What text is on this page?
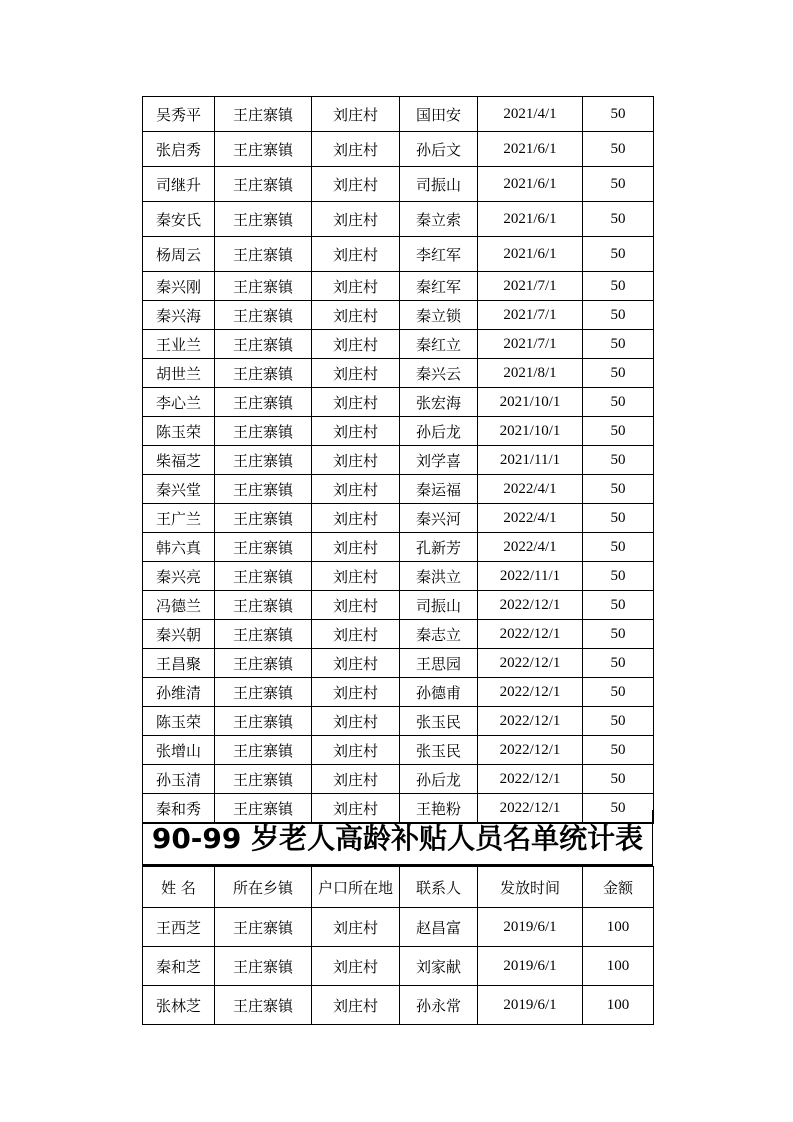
吴秀平	王庄寨镇	刘庄村	国田安	2021/4/1	50
张启秀	王庄寨镇	刘庄村	孙后文	2021/6/1	50
司继升	王庄寨镇	刘庄村	司振山	2021/6/1	50
秦安氏	王庄寨镇	刘庄村	秦立索	2021/6/1	50
杨周云	王庄寨镇	刘庄村	李红军	2021/6/1	50
秦兴刚	王庄寨镇	刘庄村	秦红军	2021/7/1	50
秦兴海	王庄寨镇	刘庄村	秦立锁	2021/7/1	50
王业兰	王庄寨镇	刘庄村	秦红立	2021/7/1	50
胡世兰	王庄寨镇	刘庄村	秦兴云	2021/8/1	50
李心兰	王庄寨镇	刘庄村	张宏海	2021/10/1	50
陈玉荣	王庄寨镇	刘庄村	孙后龙	2021/10/1	50
柴福芝	王庄寨镇	刘庄村	刘学喜	2021/11/1	50
秦兴堂	王庄寨镇	刘庄村	秦运福	2022/4/1	50
王广兰	王庄寨镇	刘庄村	秦兴河	2022/4/1	50
韩六真	王庄寨镇	刘庄村	孔新芳	2022/4/1	50
秦兴亮	王庄寨镇	刘庄村	秦洪立	2022/11/1	50
冯德兰	王庄寨镇	刘庄村	司振山	2022/12/1	50
秦兴朝	王庄寨镇	刘庄村	秦志立	2022/12/1	50
王昌聚	王庄寨镇	刘庄村	王思园	2022/12/1	50
孙维清	王庄寨镇	刘庄村	孙德甫	2022/12/1	50
陈玉荣	王庄寨镇	刘庄村	张玉民	2022/12/1	50
张增山	王庄寨镇	刘庄村	张玉民	2022/12/1	50
孙玉清	王庄寨镇	刘庄村	孙后龙	2022/12/1	50
秦和秀	王庄寨镇	刘庄村	王艳粉	2022/12/1	50
90-99 岁老人高龄补贴人员名单统计表
姓 名	所在乡镇	户口所在地	联系人	发放时间	金额
王西芝	王庄寨镇	刘庄村	赵昌富	2019/6/1	100
秦和芝	王庄寨镇	刘庄村	刘家献	2019/6/1	100
张林芝	王庄寨镇	刘庄村	孙永常	2019/6/1	100
